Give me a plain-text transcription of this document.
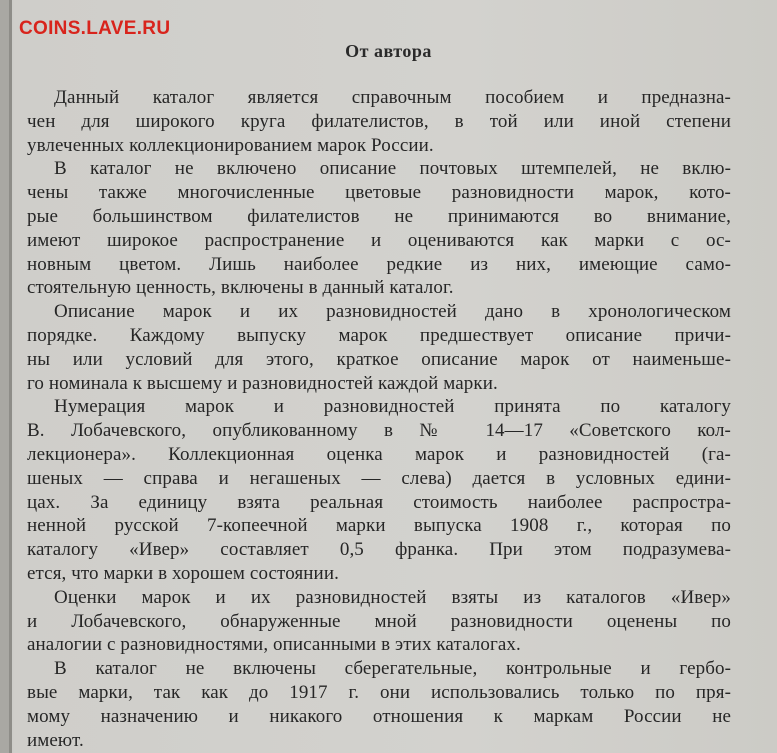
COINS.LAVE.RU
От автора
Данный каталог является справочным пособием и предназна-
чен для широкого круга филателистов, в той или иной степени
увлеченных коллекционированием марок России.
В каталог не включено описание почтовых штемпелей, не вклю-
чены также многочисленные цветовые разновидности марок, кото-
рые большинством филателистов не принимаются во внимание,
имеют широкое распространение и оцениваются как марки с ос-
новным цветом. Лишь наиболее редкие из них, имеющие само-
стоятельную ценность, включены в данный каталог.
Описание марок и их разновидностей дано в хронологическом
порядке. Каждому выпуску марок предшествует описание причи-
ны или условий для этого, краткое описание марок от наименьше-
го номинала к высшему и разновидностей каждой марки.
Нумерация марок и разновидностей принята по каталогу
В. Лобачевского, опубликованному в № 14—17 «Советского кол-
лекционера». Коллекционная оценка марок и разновидностей (га-
шеных — справа и негашеных — слева) дается в условных едини-
цах. За единицу взята реальная стоимость наиболее распростра-
ненной русской 7-копеечной марки выпуска 1908 г., которая по
каталогу «Ивер» составляет 0,5 франка. При этом подразумева-
ется, что марки в хорошем состоянии.
Оценки марок и их разновидностей взяты из каталогов «Ивер»
и Лобачевского, обнаруженные мной разновидности оценены по
аналогии с разновидностями, описанными в этих каталогах.
В каталог не включены сберегательные, контрольные и гербо-
вые марки, так как до 1917 г. они использовались только по пря-
мому назначению и никакого отношения к маркам России не
имеют.
